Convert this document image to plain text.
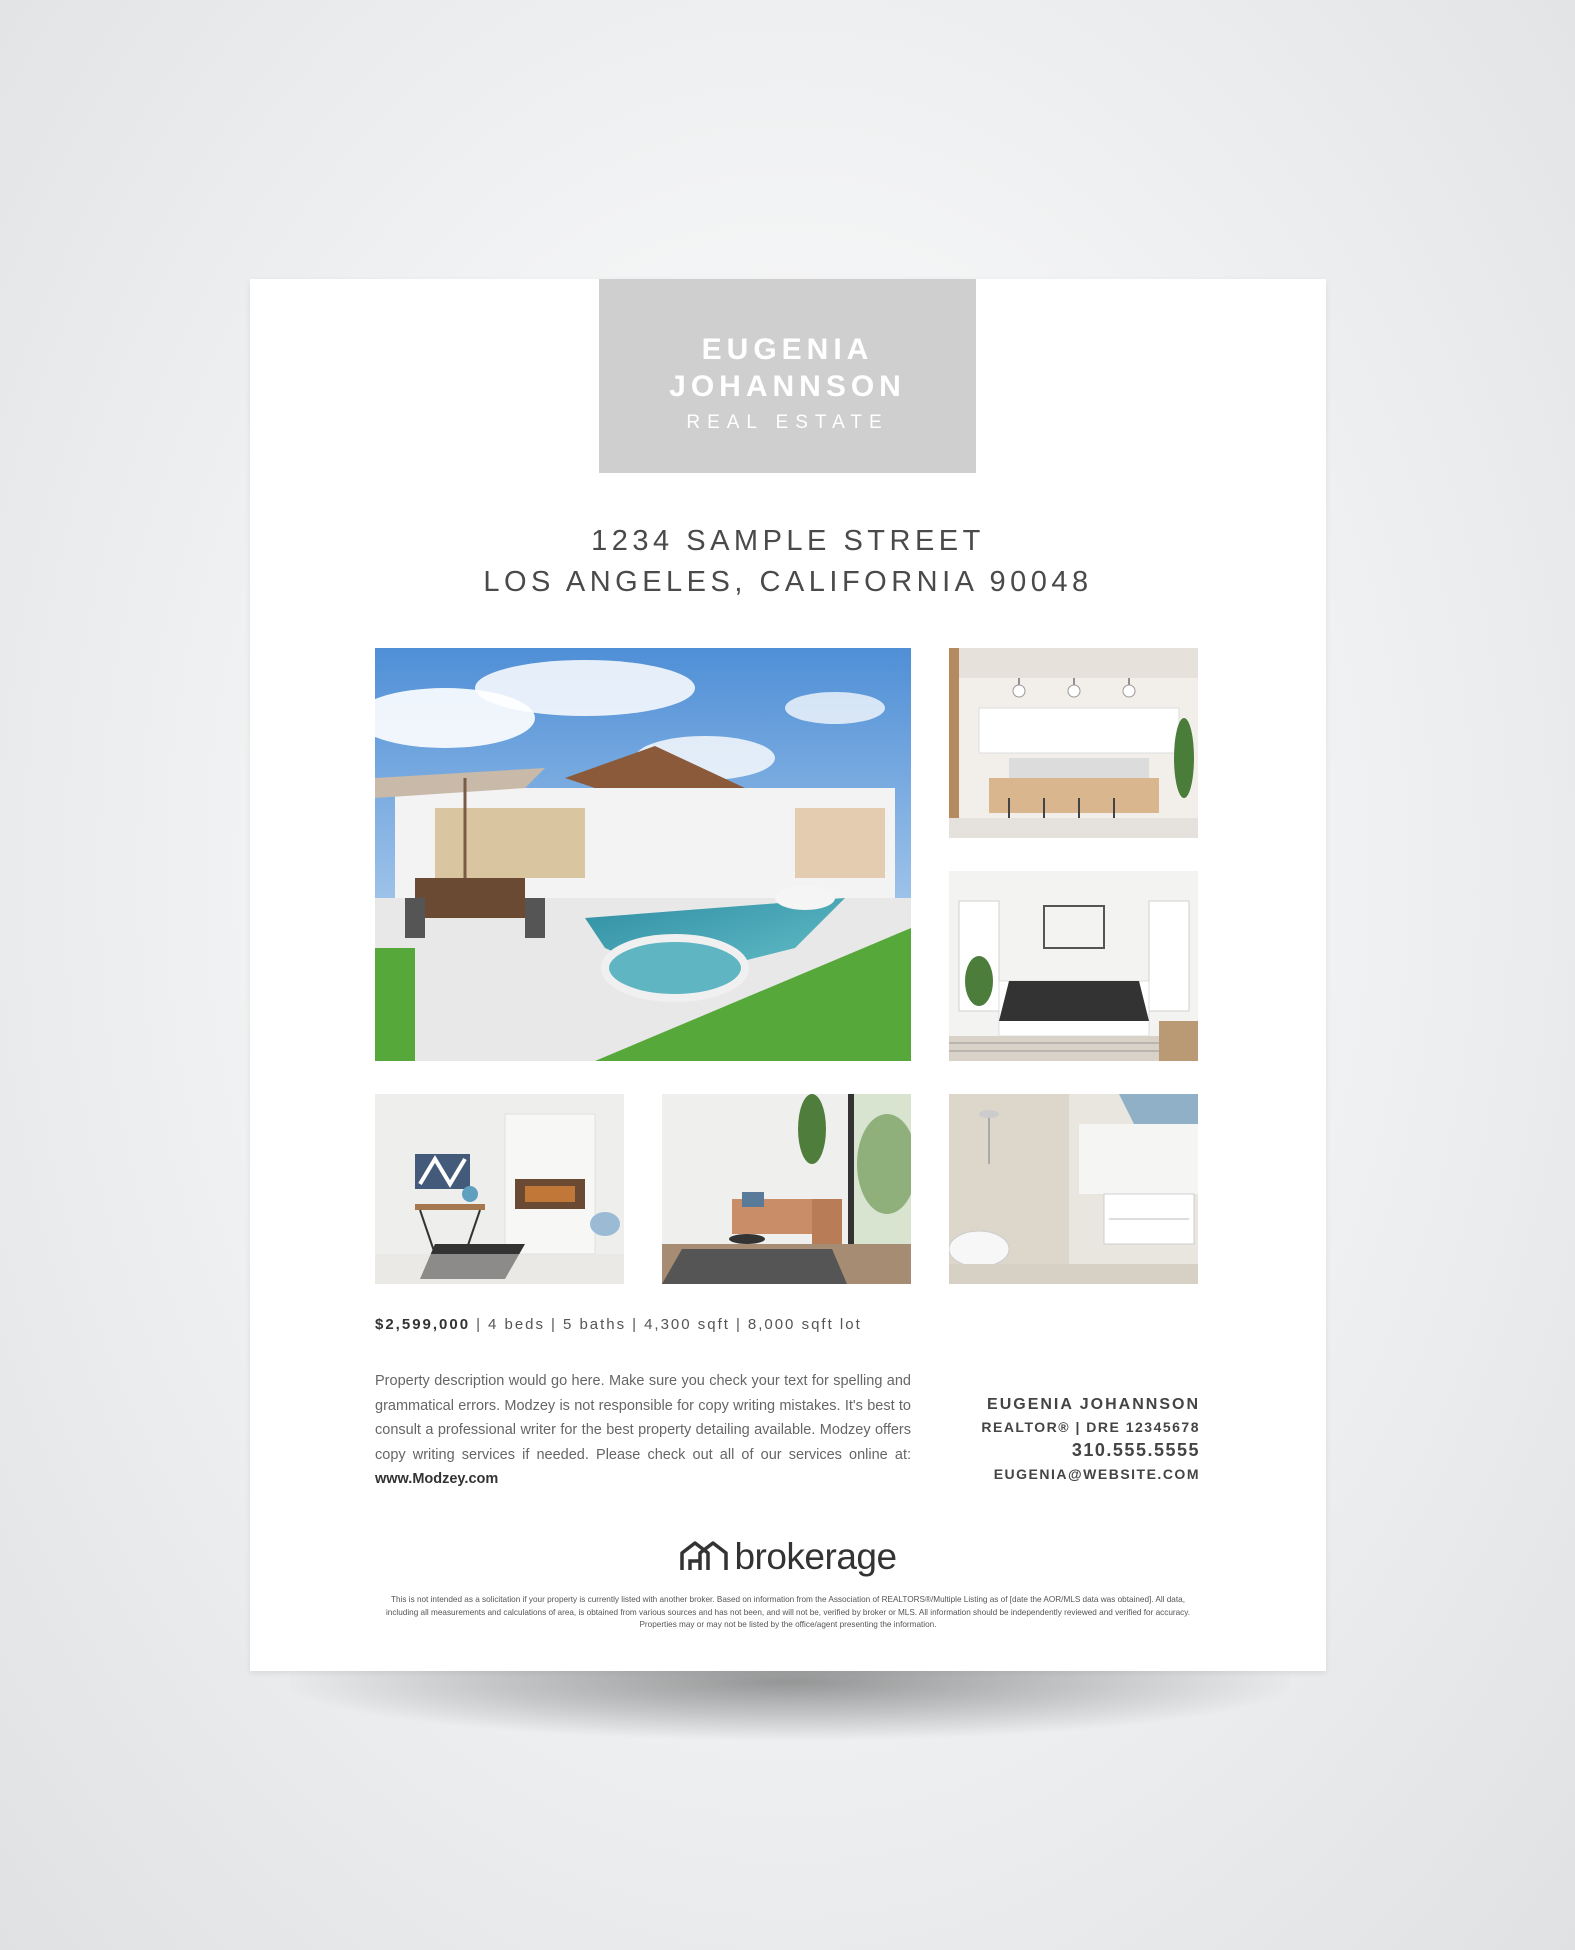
EUGENIA
JOHANNSON
REAL ESTATE
1234 SAMPLE STREET
LOS ANGELES, CALIFORNIA 90048
$2,599,000 | 4 beds | 5 baths | 4,300 sqft | 8,000 sqft lot
Property description would go here. Make sure you check your text for spelling and grammatical errors. Modzey is not responsible for copy writing mistakes. It's best to consult a professional writer for the best property detailing available. Modzey offers copy writing services if needed. Please check out all of our services online at: www.Modzey.com
EUGENIA JOHANNSON
REALTOR® | DRE 12345678
310.555.5555
EUGENIA@WEBSITE.COM
brokerage
This is not intended as a solicitation if your property is currently listed with another broker. Based on information from the Association of REALTORS®/Multiple Listing as of [date the AOR/MLS data was obtained]. All data, including all measurements and calculations of area, is obtained from various sources and has not been, and will not be, verified by broker or MLS. All information should be independently reviewed and verified for accuracy. Properties may or may not be listed by the office/agent presenting the information.
